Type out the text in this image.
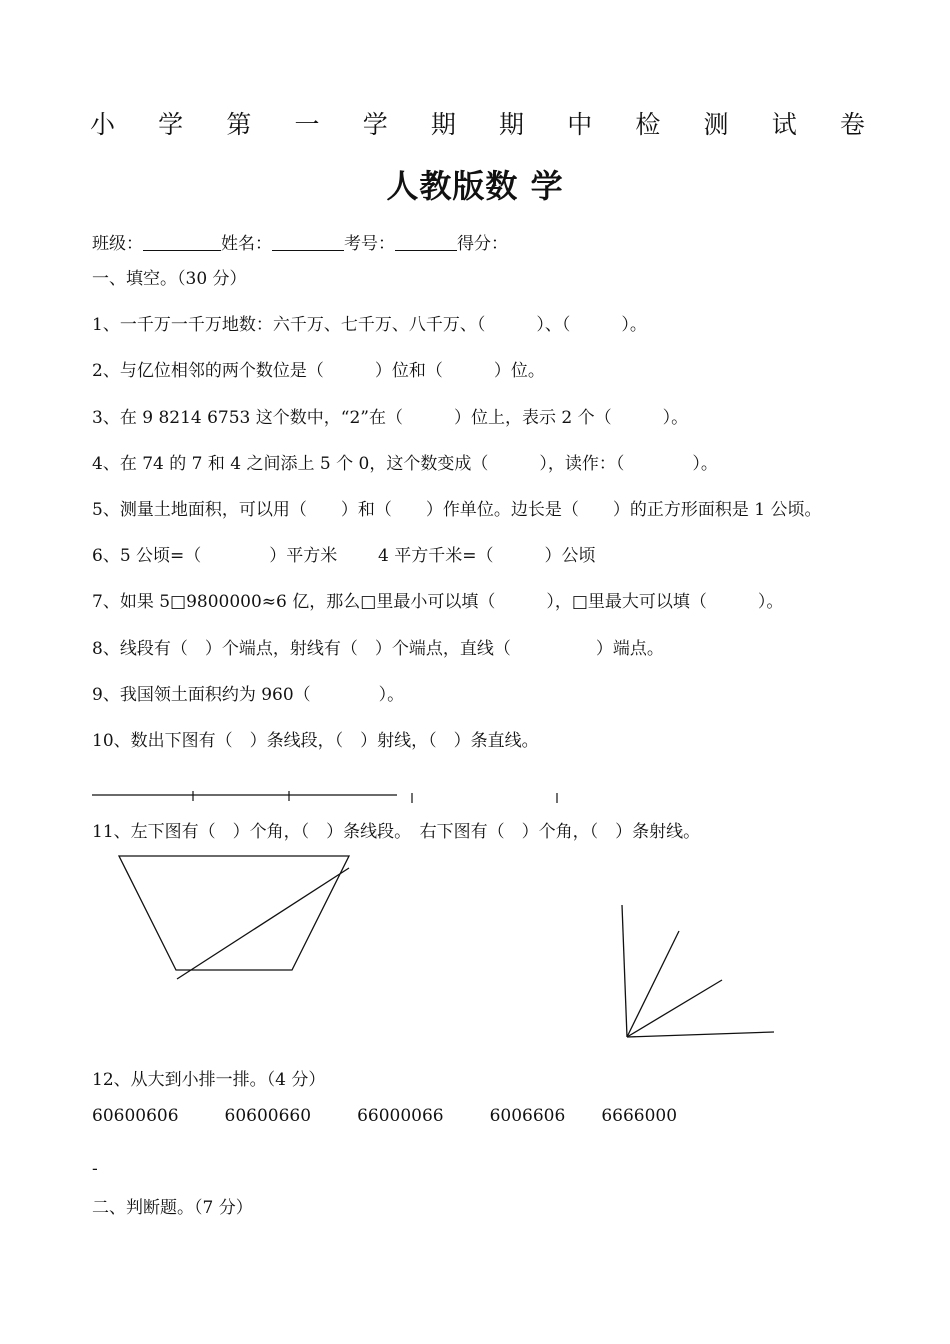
小 学 第 一 学 期 期 中 检 测 试 卷
人教版数 学
班级：	姓名：	考号：	得分：
一、填空。（30 分）
1、一千万一千万地数：六千万、七千万、八千万、（　　　）、（　　　）。
2、与亿位相邻的两个数位是（　　　）位和（　　　）位。
3、在 9 8214 6753 这个数中，“2”在（　　　）位上，表示 2 个（　　　）。
4、在 74 的 7 和 4 之间添上 5 个 0，这个数变成（　　　），读作：（　　　　）。
5、测量土地面积，可以用（　　）和（　　）作单位。边长是（　　）的正方形面积是 1 公顷。
6、5 公顷=（　　　　）平方米 4 平方千米=（　　　）公顷
7、如果 5□9800000≈6 亿，那么□里最小可以填（　　　），□里最大可以填（　　　）。
8、线段有（　）个端点，射线有（　）个端点，直线（　　　　　）端点。
9、我国领土面积约为 960（　　　　）。
10、数出下图有（　）条线段，（　）射线，（　）条直线。
11、左下图有（　）个角，（　）条线段。　右下图有（　）个角，（　）条射线。
12、从大到小排一排。（4 分）
60600606	60600660	66000066	6006606 6666000
-
二、判断题。（7 分）
